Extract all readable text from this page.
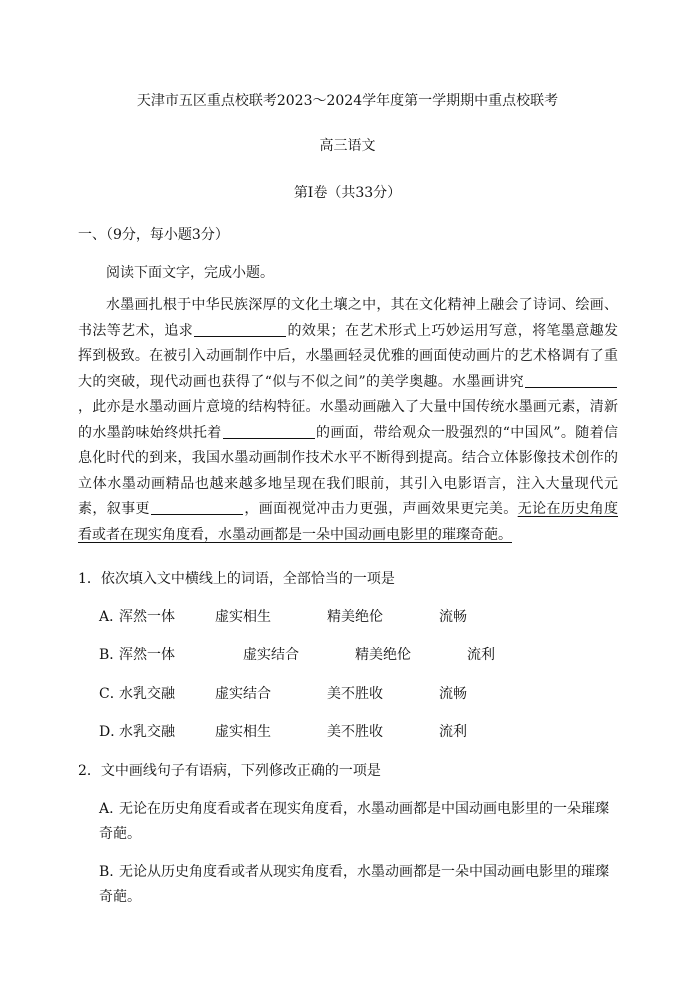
天津市五区重点校联考2023～2024学年度第一学期期中重点校联考
高三语文
第Ⅰ卷（共33分）
一、（9分，每小题3分）
阅读下面文字，完成小题。
水墨画扎根于中华民族深厚的文化土壤之中，其在文化精神上融会了诗词、绘画、书法等艺术，追求	的效果；在艺术形式上巧妙运用写意，将笔墨意趣发挥到极致。在被引入动画制作中后，水墨画轻灵优雅的画面使动画片的艺术格调有了重大的突破，现代动画也获得了“似与不似之间”的美学奥趣。水墨画讲究，此亦是水墨动画片意境的结构特征。水墨动画融入了大量中国传统水墨画元素，清新的水墨韵味始终烘托着	的画面，带给观众一股强烈的“中国风”。随着信息化时代的到来，我国水墨动画制作技术水平不断得到提高。结合立体影像技术创作的立体水墨动画精品也越来越多地呈现在我们眼前，其引入电影语言，注入大量现代元素，叙事更	，画面视觉冲击力更强，声画效果更完美。无论在历史角度看或者在现实角度看，水墨动画都是一朵中国动画电影里的璀璨奇葩。
1．依次填入文中横线上的词语，全部恰当的一项是
A．
浑然一体	虚实相生	精美绝伦	流畅
B．
浑然一体	虚实结合	精美绝伦	流利
C．
水乳交融	虚实结合	美不胜收	流畅
D．
水乳交融	虚实相生	美不胜收	流利
2．文中画线句子有语病，下列修改正确的一项是
A. 无论在历史角度看或者在现实角度看，水墨动画都是中国动画电影里的一朵璀璨奇葩。
B. 无论从历史角度看或者从现实角度看，水墨动画都是一朵中国动画电影里的璀璨奇葩。
